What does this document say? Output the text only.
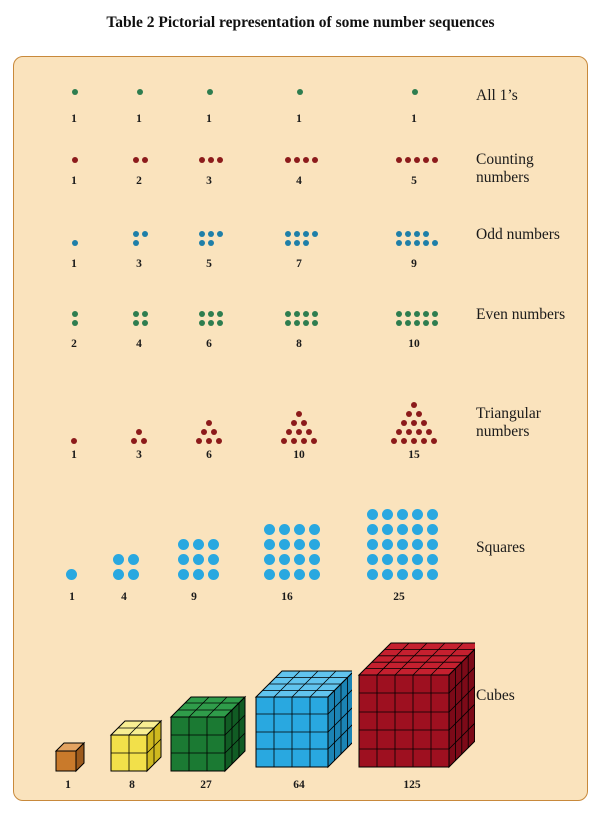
Table 2 Pictorial representation of some number sequences
All 1’s
1	1	1	1	1
Counting numbers
1	2	3	4	5
Odd numbers
1	3	5	7	9
Even numbers
2	4	6	8	10
Triangular numbers
1	3	6	10	15
Squares
1	4	9	16	25
Cubes
1	8	27	64	125
